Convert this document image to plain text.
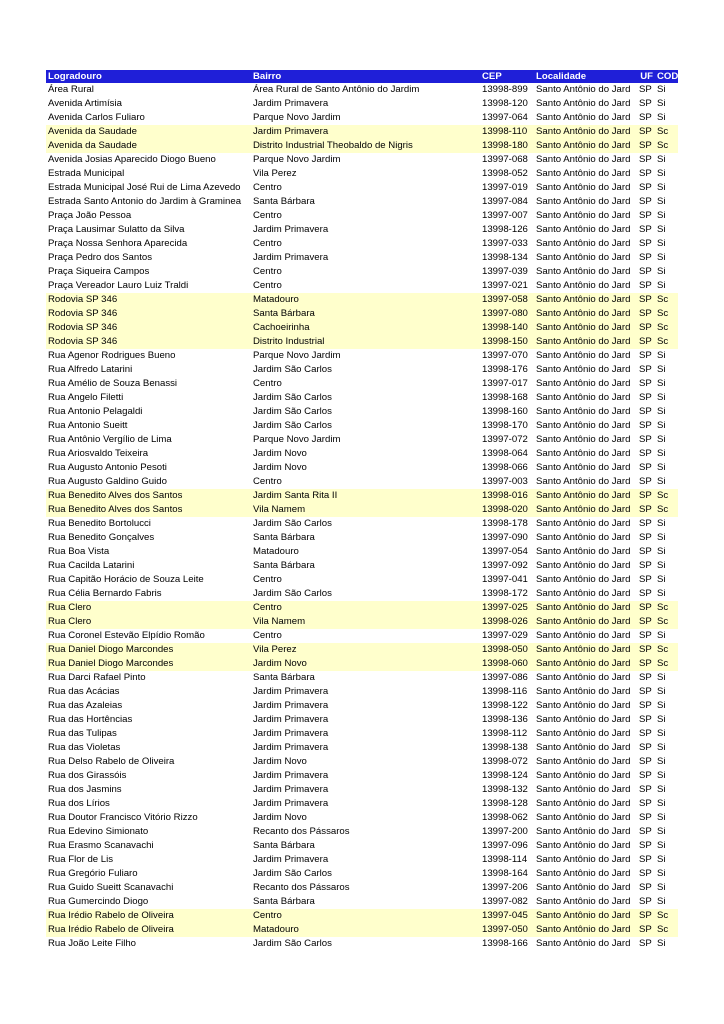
Logradouro	Bairro	CEP	Localidade	UF	COD
Área Rural	Área Rural de Santo Antônio do Jardim	13998-899	Santo Antônio do Jard	SP	Si
Avenida Artimísia	Jardim Primavera	13998-120	Santo Antônio do Jard	SP	Si
Avenida Carlos Fuliaro	Parque Novo Jardim	13997-064	Santo Antônio do Jard	SP	Si
Avenida da Saudade	Jardim Primavera	13998-110	Santo Antônio do Jard	SP	Sc
Avenida da Saudade	Distrito Industrial Theobaldo de Nigris	13998-180	Santo Antônio do Jard	SP	Sc
Avenida Josias Aparecido Diogo Bueno	Parque Novo Jardim	13997-068	Santo Antônio do Jard	SP	Si
Estrada Municipal	Vila Perez	13998-052	Santo Antônio do Jard	SP	Si
Estrada Municipal José Rui de Lima Azevedo	Centro	13997-019	Santo Antônio do Jard	SP	Si
Estrada Santo Antonio do Jardim à Graminea	Santa Bárbara	13997-084	Santo Antônio do Jard	SP	Si
Praça João Pessoa	Centro	13997-007	Santo Antônio do Jard	SP	Si
Praça Lausimar Sulatto da Silva	Jardim Primavera	13998-126	Santo Antônio do Jard	SP	Si
Praça Nossa Senhora Aparecida	Centro	13997-033	Santo Antônio do Jard	SP	Si
Praça Pedro dos Santos	Jardim Primavera	13998-134	Santo Antônio do Jard	SP	Si
Praça Siqueira Campos	Centro	13997-039	Santo Antônio do Jard	SP	Si
Praça Vereador Lauro Luiz Traldi	Centro	13997-021	Santo Antônio do Jard	SP	Si
Rodovia SP 346	Matadouro	13997-058	Santo Antônio do Jard	SP	Sc
Rodovia SP 346	Santa Bárbara	13997-080	Santo Antônio do Jard	SP	Sc
Rodovia SP 346	Cachoeirinha	13998-140	Santo Antônio do Jard	SP	Sc
Rodovia SP 346	Distrito Industrial	13998-150	Santo Antônio do Jard	SP	Sc
Rua Agenor Rodrigues Bueno	Parque Novo Jardim	13997-070	Santo Antônio do Jard	SP	Si
Rua Alfredo Latarini	Jardim São Carlos	13998-176	Santo Antônio do Jard	SP	Si
Rua Amélio de Souza Benassi	Centro	13997-017	Santo Antônio do Jard	SP	Si
Rua Angelo Filetti	Jardim São Carlos	13998-168	Santo Antônio do Jard	SP	Si
Rua Antonio Pelagaldi	Jardim São Carlos	13998-160	Santo Antônio do Jard	SP	Si
Rua Antonio Sueitt	Jardim São Carlos	13998-170	Santo Antônio do Jard	SP	Si
Rua Antônio Vergílio de Lima	Parque Novo Jardim	13997-072	Santo Antônio do Jard	SP	Si
Rua Ariosvaldo Teixeira	Jardim Novo	13998-064	Santo Antônio do Jard	SP	Si
Rua Augusto Antonio Pesoti	Jardim Novo	13998-066	Santo Antônio do Jard	SP	Si
Rua Augusto Galdino Guido	Centro	13997-003	Santo Antônio do Jard	SP	Si
Rua Benedito Alves dos Santos	Jardim Santa Rita II	13998-016	Santo Antônio do Jard	SP	Sc
Rua Benedito Alves dos Santos	Vila Namem	13998-020	Santo Antônio do Jard	SP	Sc
Rua Benedito Bortolucci	Jardim São Carlos	13998-178	Santo Antônio do Jard	SP	Si
Rua Benedito Gonçalves	Santa Bárbara	13997-090	Santo Antônio do Jard	SP	Si
Rua Boa Vista	Matadouro	13997-054	Santo Antônio do Jard	SP	Si
Rua Cacilda Latarini	Santa Bárbara	13997-092	Santo Antônio do Jard	SP	Si
Rua Capitão Horácio de Souza Leite	Centro	13997-041	Santo Antônio do Jard	SP	Si
Rua Célia Bernardo Fabris	Jardim São Carlos	13998-172	Santo Antônio do Jard	SP	Si
Rua Clero	Centro	13997-025	Santo Antônio do Jard	SP	Sc
Rua Clero	Vila Namem	13998-026	Santo Antônio do Jard	SP	Sc
Rua Coronel Estevão Elpídio Romão	Centro	13997-029	Santo Antônio do Jard	SP	Si
Rua Daniel Diogo Marcondes	Vila Perez	13998-050	Santo Antônio do Jard	SP	Sc
Rua Daniel Diogo Marcondes	Jardim Novo	13998-060	Santo Antônio do Jard	SP	Sc
Rua Darci Rafael Pinto	Santa Bárbara	13997-086	Santo Antônio do Jard	SP	Si
Rua das Acácias	Jardim Primavera	13998-116	Santo Antônio do Jard	SP	Si
Rua das Azaleias	Jardim Primavera	13998-122	Santo Antônio do Jard	SP	Si
Rua das Hortências	Jardim Primavera	13998-136	Santo Antônio do Jard	SP	Si
Rua das Tulipas	Jardim Primavera	13998-112	Santo Antônio do Jard	SP	Si
Rua das Violetas	Jardim Primavera	13998-138	Santo Antônio do Jard	SP	Si
Rua Delso Rabelo de Oliveira	Jardim Novo	13998-072	Santo Antônio do Jard	SP	Si
Rua dos Girassóis	Jardim Primavera	13998-124	Santo Antônio do Jard	SP	Si
Rua dos Jasmins	Jardim Primavera	13998-132	Santo Antônio do Jard	SP	Si
Rua dos Lírios	Jardim Primavera	13998-128	Santo Antônio do Jard	SP	Si
Rua Doutor Francisco Vitório Rizzo	Jardim Novo	13998-062	Santo Antônio do Jard	SP	Si
Rua Edevino Simionato	Recanto dos Pássaros	13997-200	Santo Antônio do Jard	SP	Si
Rua Erasmo Scanavachi	Santa Bárbara	13997-096	Santo Antônio do Jard	SP	Si
Rua Flor de Lis	Jardim Primavera	13998-114	Santo Antônio do Jard	SP	Si
Rua Gregório Fuliaro	Jardim São Carlos	13998-164	Santo Antônio do Jard	SP	Si
Rua Guido Sueitt Scanavachi	Recanto dos Pássaros	13997-206	Santo Antônio do Jard	SP	Si
Rua Gumercindo Diogo	Santa Bárbara	13997-082	Santo Antônio do Jard	SP	Si
Rua Irédio Rabelo de Oliveira	Centro	13997-045	Santo Antônio do Jard	SP	Sc
Rua Irédio Rabelo de Oliveira	Matadouro	13997-050	Santo Antônio do Jard	SP	Sc
Rua João Leite Filho	Jardim São Carlos	13998-166	Santo Antônio do Jard	SP	Si
